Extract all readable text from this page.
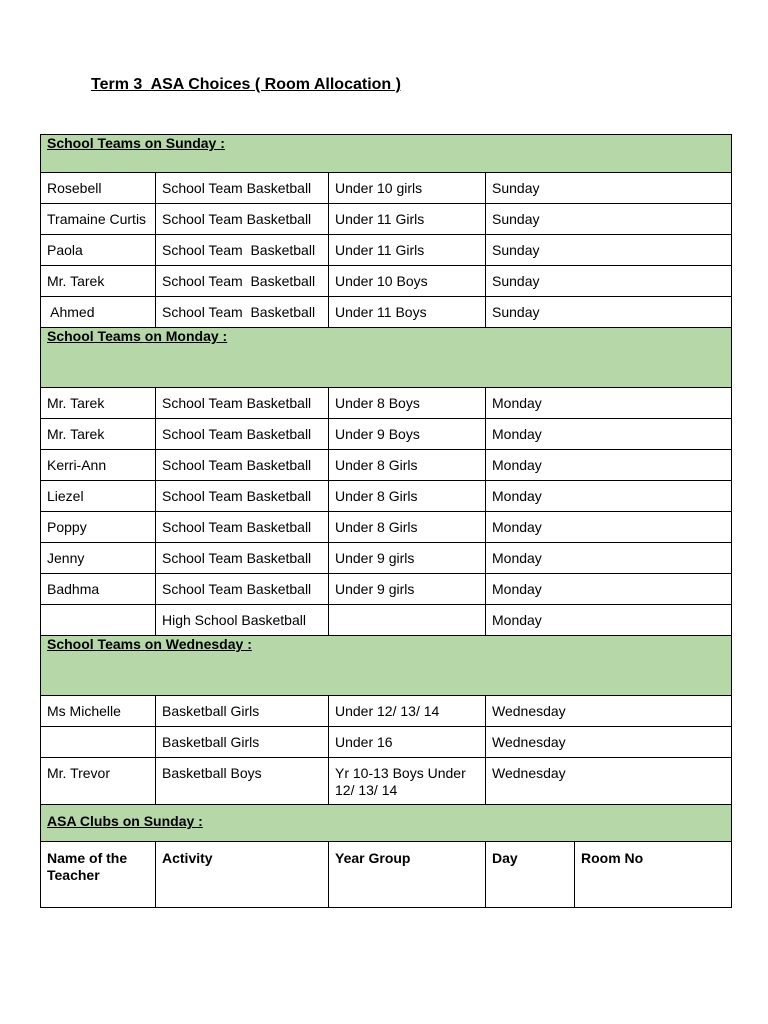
Term 3  ASA Choices ( Room Allocation )
School Teams on Sunday :				
Rosebell	School Team Basketball	Under 10 girls	Sunday	
Tramaine Curtis	School Team Basketball	Under 11 Girls	Sunday	
Paola	School Team  Basketball	Under 11 Girls	Sunday	
Mr. Tarek	School Team  Basketball	Under 10 Boys	Sunday	
Ahmed	School Team  Basketball	Under 11 Boys	Sunday	
School Teams on Monday :				
Mr. Tarek	School Team Basketball	Under 8 Boys	Monday	
Mr. Tarek	School Team Basketball	Under 9 Boys	Monday	
Kerri-Ann	School Team Basketball	Under 8 Girls	Monday	
Liezel	School Team Basketball	Under 8 Girls	Monday	
Poppy	School Team Basketball	Under 8 Girls	Monday	
Jenny	School Team Basketball	Under 9 girls	Monday	
Badhma	School Team Basketball	Under 9 girls	Monday	
	High School Basketball		Monday	
School Teams on Wednesday :				
Ms Michelle	Basketball Girls	Under 12/ 13/ 14	Wednesday	
	Basketball Girls	Under 16	Wednesday	
Mr. Trevor	Basketball Boys	Yr 10-13 Boys Under 12/ 13/ 14	Wednesday	
ASA Clubs on Sunday :				
Name of the Teacher	Activity	Year Group	Day	Room No
